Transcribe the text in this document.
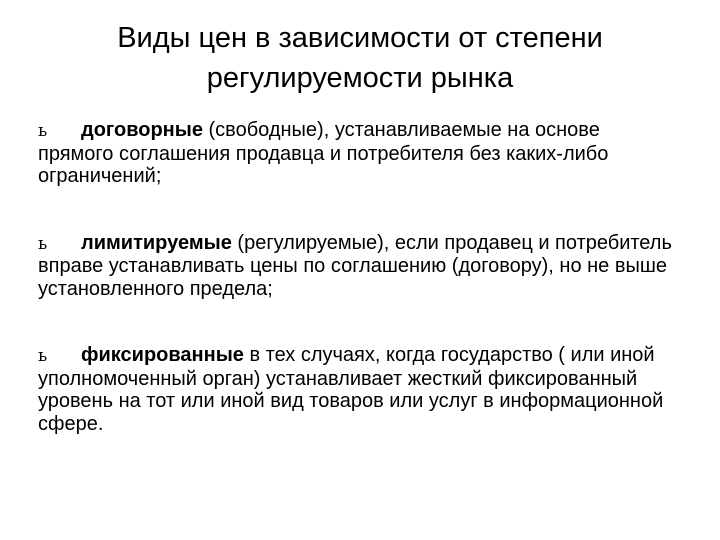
Виды цен в зависимости от степени
регулируемости рынка
ь договорные (свободные), устанавливаемые на основе прямого соглашения продавца и потребителя без каких-либо ограничений;
ь лимитируемые (регулируемые), если продавец и потребитель вправе устанавливать цены по соглашению (договору), но не выше установленного предела;
ь фиксированные в тех случаях, когда государство ( или иной уполномоченный орган) устанавливает жесткий фиксированный уровень на тот или иной вид товаров или услуг в информационной сфере.
